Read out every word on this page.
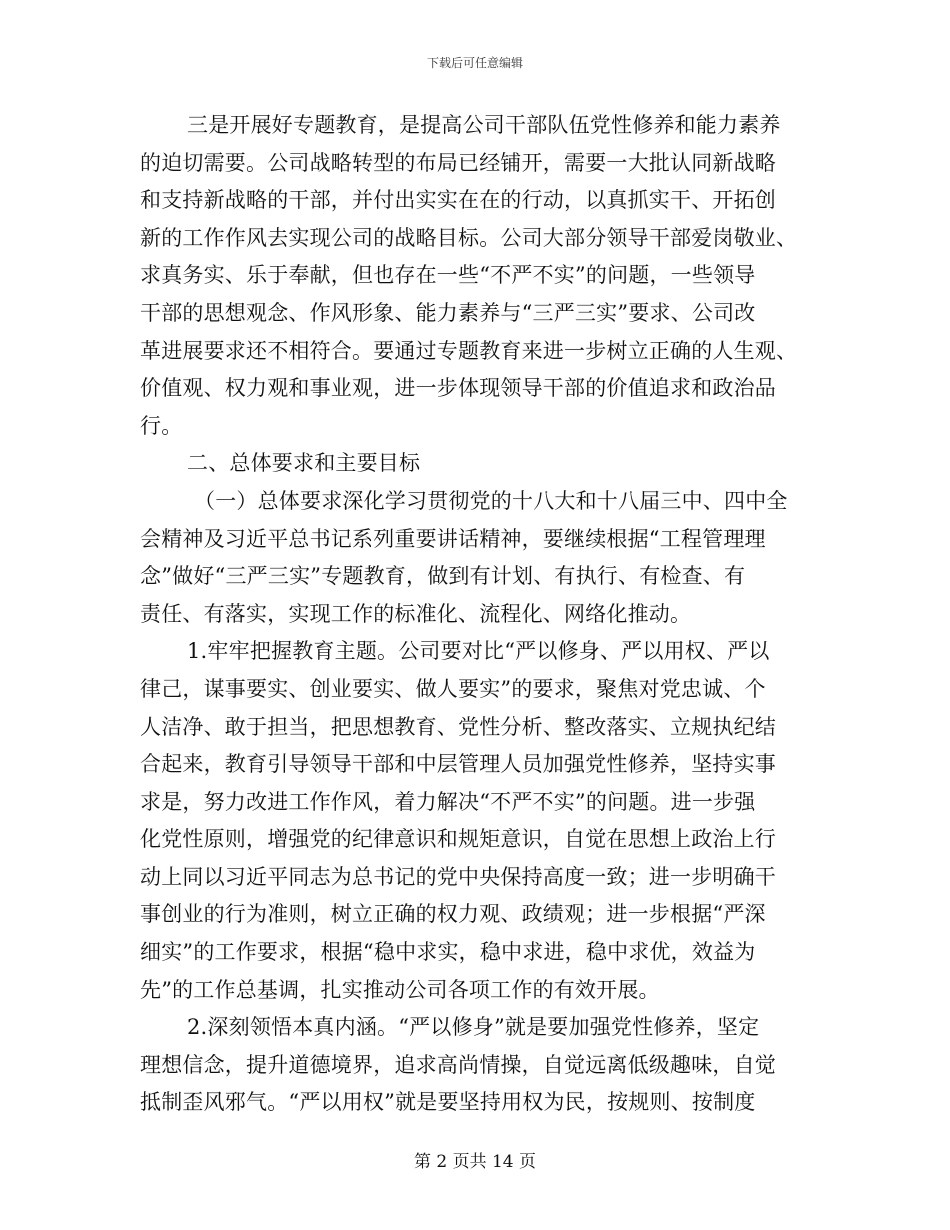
下载后可任意编辑
三是开展好专题教育，是提高公司干部队伍党性修养和能力素养
的迫切需要。公司战略转型的布局已经铺开，需要一大批认同新战略
和支持新战略的干部，并付出实实在在的行动，以真抓实干、开拓创
新的工作作风去实现公司的战略目标。公司大部分领导干部爱岗敬业、
求真务实、乐于奉献，但也存在一些“不严不实”的问题，一些领导
干部的思想观念、作风形象、能力素养与“三严三实”要求、公司改
革进展要求还不相符合。要通过专题教育来进一步树立正确的人生观、
价值观、权力观和事业观，进一步体现领导干部的价值追求和政治品
行。
二、总体要求和主要目标
（一）总体要求深化学习贯彻党的十八大和十八届三中、四中全
会精神及习近平总书记系列重要讲话精神，要继续根据“工程管理理
念”做好“三严三实”专题教育，做到有计划、有执行、有检查、有
责任、有落实，实现工作的标准化、流程化、网络化推动。
1.牢牢把握教育主题。公司要对比“严以修身、严以用权、严以
律己，谋事要实、创业要实、做人要实”的要求，聚焦对党忠诚、个
人洁净、敢于担当，把思想教育、党性分析、整改落实、立规执纪结
合起来，教育引导领导干部和中层管理人员加强党性修养，坚持实事
求是，努力改进工作作风，着力解决“不严不实”的问题。进一步强
化党性原则，增强党的纪律意识和规矩意识，自觉在思想上政治上行
动上同以习近平同志为总书记的党中央保持高度一致；进一步明确干
事创业的行为准则，树立正确的权力观、政绩观；进一步根据“严深
细实”的工作要求，根据“稳中求实，稳中求进，稳中求优，效益为
先”的工作总基调，扎实推动公司各项工作的有效开展。
2.深刻领悟本真内涵。“严以修身”就是要加强党性修养，坚定
理想信念，提升道德境界，追求高尚情操，自觉远离低级趣味，自觉
抵制歪风邪气。“严以用权”就是要坚持用权为民，按规则、按制度
第 2 页共 14 页
